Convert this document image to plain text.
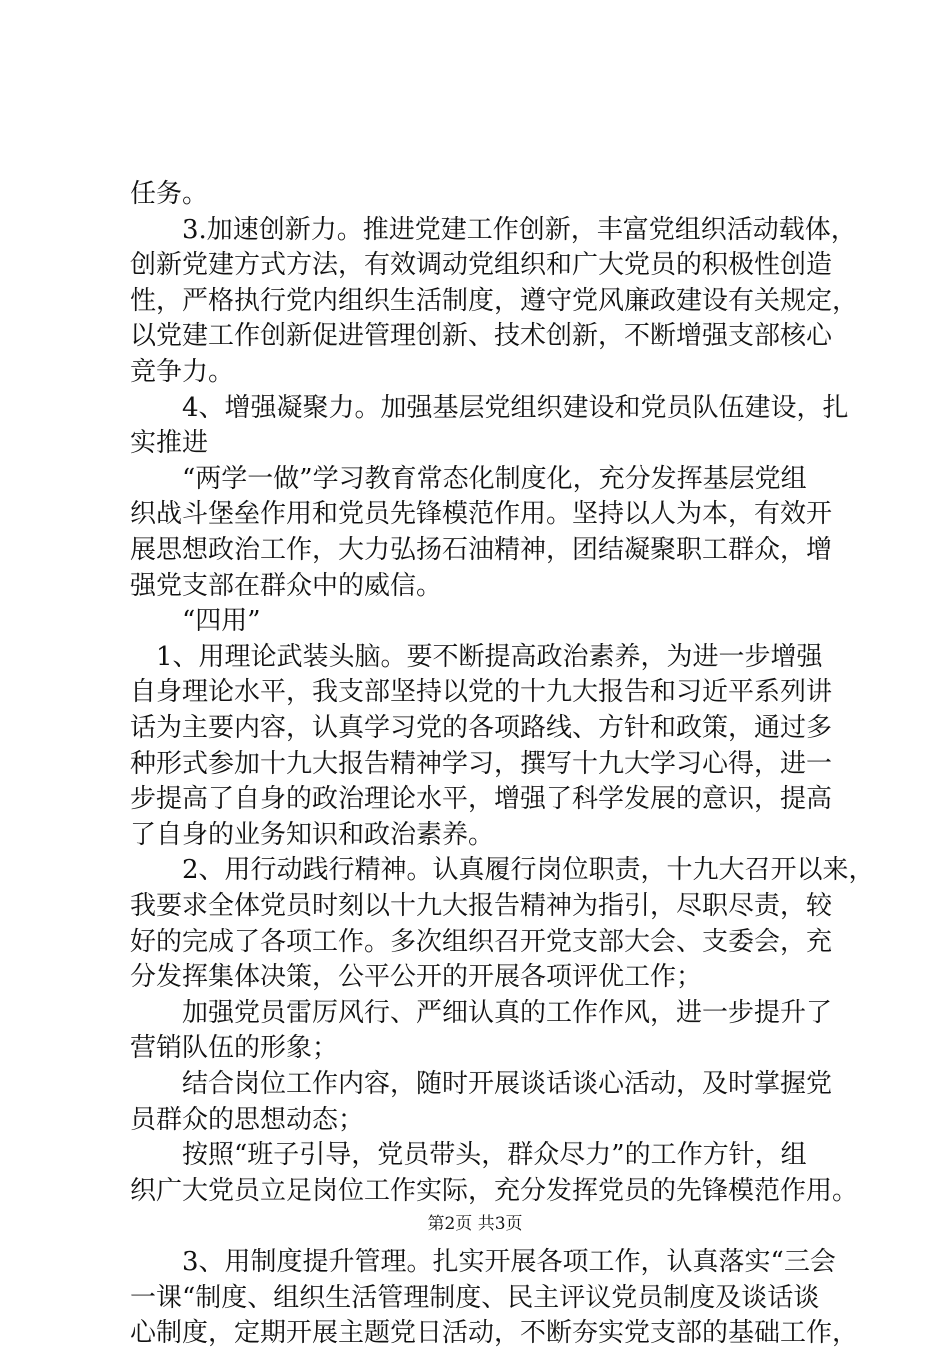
任务。
　　3.加速创新力。推进党建工作创新，丰富党组织活动载体，
创新党建方式方法，有效调动党组织和广大党员的积极性创造
性，严格执行党内组织生活制度，遵守党风廉政建设有关规定，
以党建工作创新促进管理创新、技术创新，不断增强支部核心
竞争力。
　　4、增强凝聚力。加强基层党组织建设和党员队伍建设，扎
实推进
　　“两学一做”学习教育常态化制度化，充分发挥基层党组
织战斗堡垒作用和党员先锋模范作用。坚持以人为本，有效开
展思想政治工作，大力弘扬石油精神，团结凝聚职工群众，增
强党支部在群众中的威信。
　　“四用”
　1、用理论武装头脑。要不断提高政治素养，为进一步增强
自身理论水平，我支部坚持以党的十九大报告和习近平系列讲
话为主要内容，认真学习党的各项路线、方针和政策，通过多
种形式参加十九大报告精神学习，撰写十九大学习心得，进一
步提高了自身的政治理论水平，增强了科学发展的意识，提高
了自身的业务知识和政治素养。
　　2、用行动践行精神。认真履行岗位职责，十九大召开以来，
我要求全体党员时刻以十九大报告精神为指引，尽职尽责，较
好的完成了各项工作。多次组织召开党支部大会、支委会，充
分发挥集体决策，公平公开的开展各项评优工作；
　　加强党员雷厉风行、严细认真的工作作风，进一步提升了
营销队伍的形象；
　　结合岗位工作内容，随时开展谈话谈心活动，及时掌握党
员群众的思想动态；
　　按照“班子引导，党员带头，群众尽力”的工作方针，组
织广大党员立足岗位工作实际，充分发挥党员的先锋模范作用。
　　3、用制度提升管理。扎实开展各项工作，认真落实“三会
一课“制度、组织生活管理制度、民主评议党员制度及谈话谈
心制度，定期开展主题党日活动，不断夯实党支部的基础工作，
第2页 共3页
